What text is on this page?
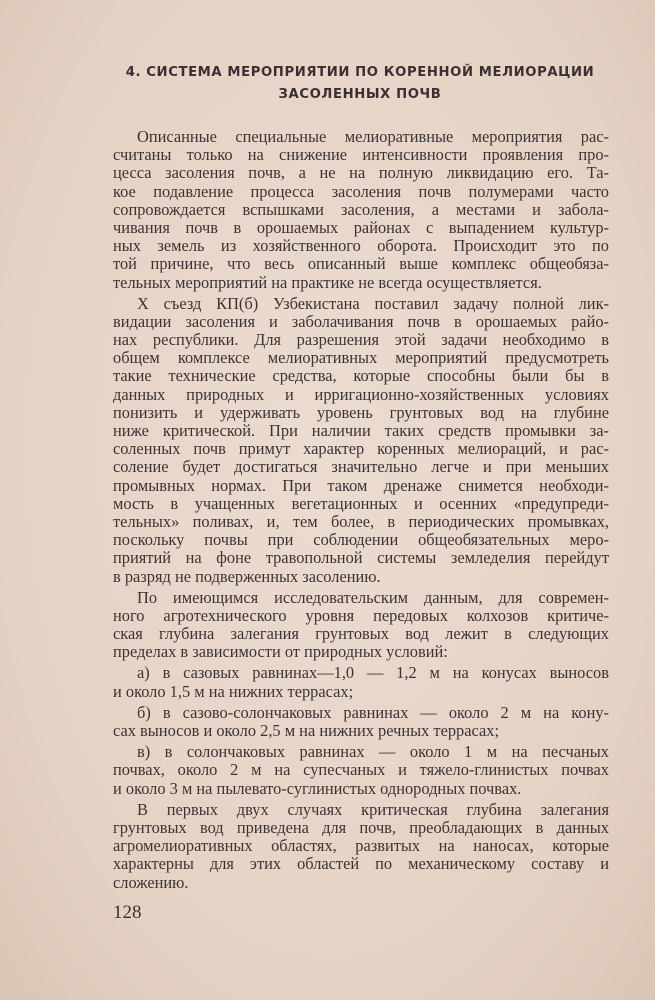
4. СИСТЕМА МЕРОПРИЯТИИ ПО КОРЕННОЙ МЕЛИОРАЦИИ
ЗАСОЛЕННЫХ ПОЧВ
Описанные специальные мелиоративные мероприятия рас-
считаны только на снижение интенсивности проявления про-
цесса засоления почв, а не на полную ликвидацию его. Та-
кое подавление процесса засоления почв полумерами часто
сопровождается вспышками засоления, а местами и забола-
чивания почв в орошаемых районах с выпадением культур-
ных земель из хозяйственного оборота. Происходит это по
той причине, что весь описанный выше комплекс общеобяза-
тельных мероприятий на практике не всегда осуществляется.
X съезд КП(б) Узбекистана поставил задачу полной лик-
видации засоления и заболачивания почв в орошаемых райо-
нах республики. Для разрешения этой задачи необходимо в
общем комплексе мелиоративных мероприятий предусмотреть
такие технические средства, которые способны были бы в
данных природных и ирригационно-хозяйственных условиях
понизить и удерживать уровень грунтовых вод на глубине
ниже критической. При наличии таких средств промывки за-
соленных почв примут характер коренных мелиораций, и рас-
соление будет достигаться значительно легче и при меньших
промывных нормах. При таком дренаже снимется необходи-
мость в учащенных вегетационных и осенних «предупреди-
тельных» поливах, и, тем более, в периодических промывках,
поскольку почвы при соблюдении общеобязательных меро-
приятий на фоне травопольной системы земледелия перейдут
в разряд не подверженных засолению.
По имеющимся исследовательским данным, для современ-
ного агротехнического уровня передовых колхозов критиче-
ская глубина залегания грунтовых вод лежит в следующих
пределах в зависимости от природных условий:
а) в сазовых равнинах—1,0 — 1,2 м на конусах выносов
и около 1,5 м на нижних террасах;
б) в сазово-солончаковых равнинах — около 2 м на кону-
сах выносов и около 2,5 м на нижних речных террасах;
в) в солончаковых равнинах — около 1 м на песчаных
почвах, около 2 м на супесчаных и тяжело-глинистых почвах
и около 3 м на пылевато-суглинистых однородных почвах.
В первых двух случаях критическая глубина залегания
грунтовых вод приведена для почв, преобладающих в данных
агромелиоративных областях, развитых на наносах, которые
характерны для этих областей по механическому составу и
сложению.
128
